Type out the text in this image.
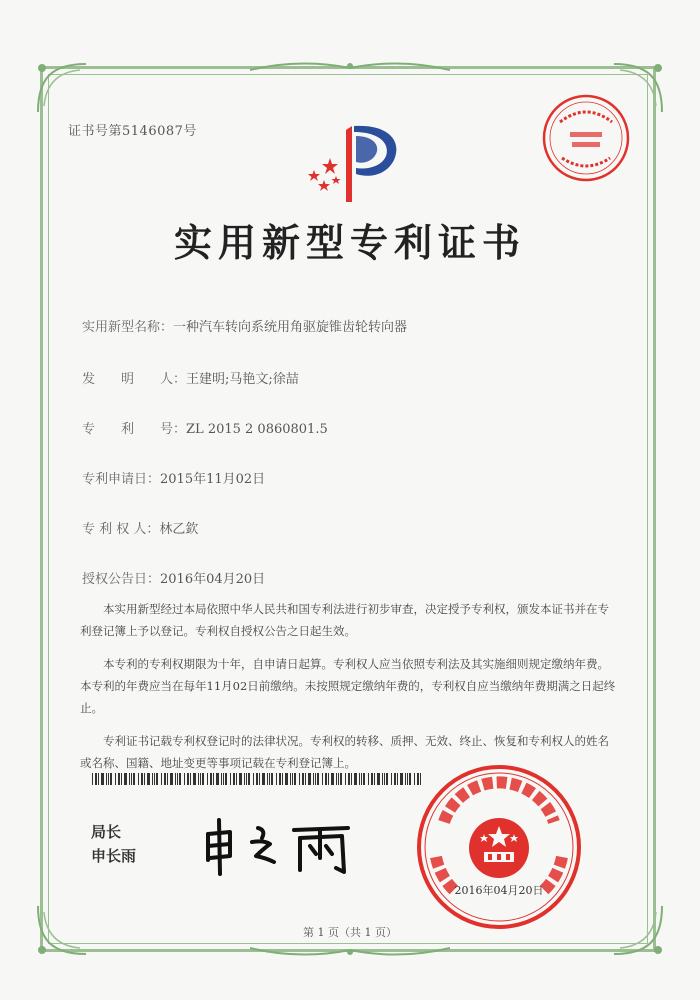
证书号第5146087号
实用新型专利证书
实用新型名称：一种汽车转向系统用角驱旋锥齿轮转向器
发　　明　　人：王建明;马艳文;徐喆
专　　利　　号：ZL 2015 2 0860801.5
专利申请日：2015年11月02日
专 利 权 人：林乙欽
授权公告日：2016年04月20日

本实用新型经过本局依照中华人民共和国专利法进行初步审查，决定授予专利权，颁发本证书并在专利登记簿上予以登记。专利权自授权公告之日起生效。

本专利的专利权期限为十年，自申请日起算。专利权人应当依照专利法及其实施细则规定缴纳年费。本专利的年费应当在每年11月02日前缴纳。未按照规定缴纳年费的，专利权自应当缴纳年费期满之日起终止。

专利证书记载专利权登记时的法律状况。专利权的转移、质押、无效、终止、恢复和专利权人的姓名或名称、国籍、地址变更等事项记载在专利登记簿上。

局长
申长雨
2016年04月20日
第 1 页（共 1 页）
